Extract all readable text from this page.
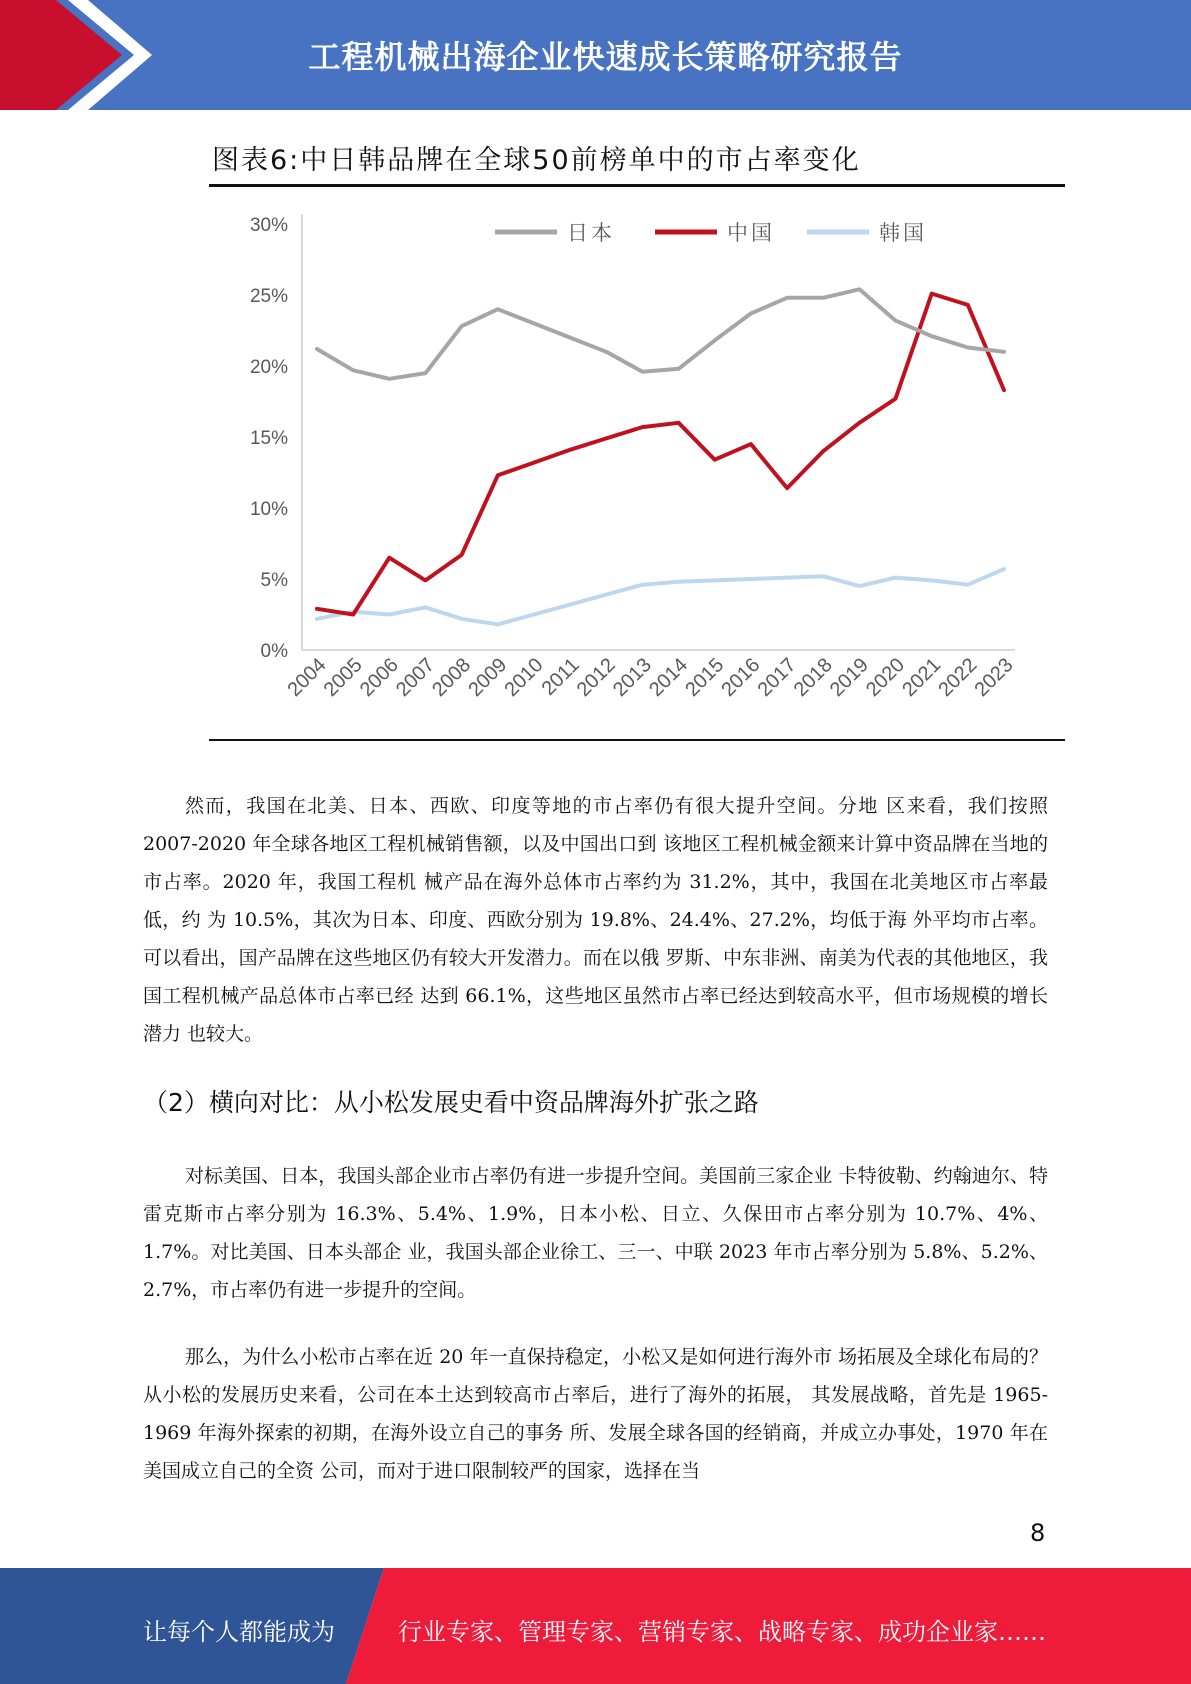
工程机械出海企业快速成长策略研究报告
图表6:中日韩品牌在全球50前榜单中的市占率变化
0%
5%
10%
15%
20%
25%
30%
2004
2005
2006
2007
2008
2009
2010
2011
2012
2013
2014
2015
2016
2017
2018
2019
2020
2021
2022
2023
日本	中国	韩国

然而，我国在北美、日本、西欧、印度等地的市占率仍有很大提升空间。分地 区来看，我们按照 2007-2020 年全球各地区工程机械销售额，以及中国出口到 该地区工程机械金额来计算中资品牌在当地的市占率。2020 年，我国工程机 械产品在海外总体市占率约为 31.2%，其中，我国在北美地区市占率最低，约 为 10.5%，其次为日本、印度、西欧分别为 19.8%、24.4%、27.2%，均低于海 外平均市占率。可以看出，国产品牌在这些地区仍有较大开发潜力。而在以俄 罗斯、中东非洲、南美为代表的其他地区，我国工程机械产品总体市占率已经 达到 66.1%，这些地区虽然市占率已经达到较高水平，但市场规模的增长潜力 也较大。

（2）横向对比：从小松发展史看中资品牌海外扩张之路

对标美国、日本，我国头部企业市占率仍有进一步提升空间。美国前三家企业 卡特彼勒、约翰迪尔、特雷克斯市占率分别为 16.3%、5.4%、1.9%，日本小松、日立、久保田市占率分别为 10.7%、4%、1.7%。对比美国、日本头部企 业，我国头部企业徐工、三一、中联 2023 年市占率分别为 5.8%、5.2%、 2.7%，市占率仍有进一步提升的空间。

那么，为什么小松市占率在近 20 年一直保持稳定，小松又是如何进行海外市 场拓展及全球化布局的？ 从小松的发展历史来看，公司在本土达到较高市占率后，进行了海外的拓展， 其发展战略，首先是 1965-1969 年海外探索的初期，在海外设立自己的事务 所、发展全球各国的经销商，并成立办事处，1970 年在美国成立自己的全资 公司，而对于进口限制较严的国家，选择在当

8
让每个人都能成为	行业专家、管理专家、营销专家、战略专家、成功企业家……
